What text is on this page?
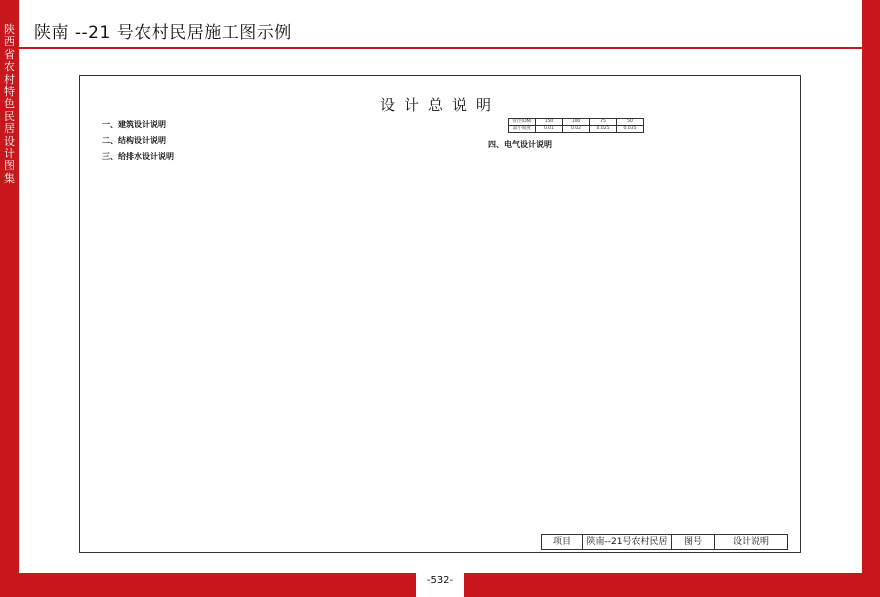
陕西省农村特色民居设计图集
陕南 --21 号农村民居施工图示例
设计总说明
一、建筑设计说明
二、结构设计说明
三、给排水设计说明
管径(DN)	150	100	75	50
最小坡度	0.01	0.02	0.025	0.035
四、电气设计说明
项目	陕南--21号农村民居	图号	设计说明
-532-
